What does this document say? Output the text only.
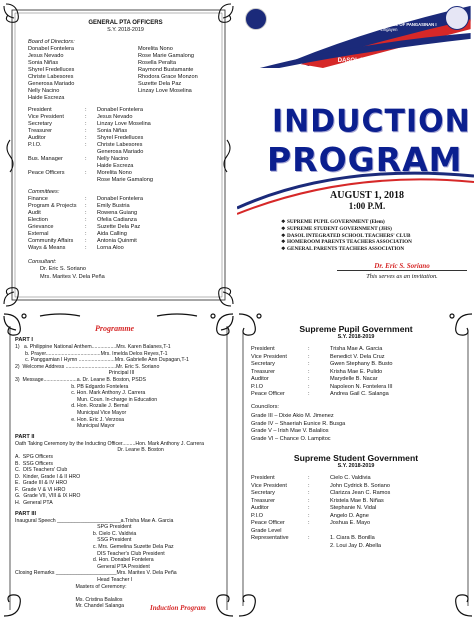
GENERAL PTA OFFICERS
S.Y. 2018-2019
Board of Directors:
Donabel Fontelera	Morelita Nono
Jesus Nevado	Rose Marie Gamalong
Sonia Niñas	Rosella Peralta
Shyrel Fredelluces	Raymond Bustamante
Christe Labesores	Rhodora Grace Monzon
Generosa Mariado	Suzette Dela Paz
Nelly Nacino	Linzay Love Moselina
Haide Escreza
President	:	Donabel Fontelera
Vice President	:	Jesus Nevado
Secretary	:	Linzay Love Moselina
Treasurer	:	Sonia Niñas
Auditor	:	Shyrel Fredelluces
P.I.O.	:	Christe Labesores
Generosa Mariado
Bus. Manager	:	Nelly Nacino
Haide Escreza
Peace Officers	:	Morelita Nono
Rose Marie Gamalong
Committees:
Finance	:	Donabel Fontelera
Program & Projects	:	Emily Bustria
Audit	:	Rowena Guiang
Election	:	Ofelia Cadianza
Grievance	:	Suzette Dela Paz
External	:	Aida Calling
Community Affairs	:	Antonia Quinmit
Ways & Means	:	Lorna Aloo
Consultant:
Dr. Eric S. Soriano
Mrs. Marites V. Dela Peña
Republic of the Philippines
Department of Education
Region I
SCHOOLS DIVISION OFFICE OF PANGASINAN I
Lingayen
DASOL INTEGRATED SCHOOL
INDUCTION
PROGRAM
AUGUST 1, 2018
1:00 P.M.
❖ SUPREME PUPIL GOVERNMENT (Elem)
❖ SUPREME STUDENT GOVERNMENT (JHS)
❖ DASOL INTEGRATED SCHOOL TEACHERS' CLUB
❖ HOMEROOM PARENTS TEACHERS ASSOCIATION
❖ GENERAL PARENTS TEACHERS ASSOCIATION
Dr. Eric S. Soriano
This serves as an invitation.
Programme
PART I
1)   a. Philippine National Anthem.................Mrs. Karen Balanes,T-1
b. Prayer......................................Mrs. Imelda Delos Reyes,T-1
c. Panggamian l Hymn .........................Mrs. Gabrielle Ann Dupagan,T-1
2)  Welcome Address ...................................Mr. Eric S. Soriano
Principal III
3)  Message.......................a. Dr. Leane B. Boston, PSDS
b. PB Edgardo Fontelera
c. Hon. Mark Anthony J. Carrera
Mun. Coun. In-charge in Education
d. Hon. Rozalie J. Bernal
Municipal Vice Mayor
e. Hon. Eric J. Verzosa
Municipal Mayor
PART II
Oath Taking Ceremony by the Inducting Officer.........Hon. Mark Anthony J. Carrera
Dr. Leane B. Boston
A.  SPG Officers
B.  SSG Officers
C.  DIS Teachers' Club
D.  Kinder, Grade I & II HRO
E.  Grade III & IV HRO
F.  Grade V & VI HRO
G.  Grade VII, VIII & IX HRO
H.  General PTA
PART III
Inaugural Speech ______________________a.Trisha Mae A. Garcia
SPG President
b. Cielo C. Valdivia
SSG President
c. Mrs. Gemelina Suzette Dela Paz
DIS Teacher's Club President
d. Hon. Donabel Fontelera
General PTA President
Closing Remarks _____________________Mrs. Marites V. Dela Peña
Head Teacher I
Masters of Ceremony:
Ms. Cristina Balalios
Mr. Chandel Salanga	Induction Program
Supreme Pupil Government
S.Y. 2018-2019
President	:	Trisha Mae A. Garcia
Vice President	:	Benedict V. Dela Cruz
Secretary	:	Gwen Stephany B. Busto
Treasurer	:	Krisha Mae E. Pulido
Auditor	:	Marydelle B. Nacar
P.I.O	:	Napoleon N. Fontelera III
Peace Officer	:	Andrea Gail C. Salanga
Councilors:
Grade III – Dixie Akio M. Jimenez
Grade IV – Shaeriah Eunice R. Busga
Grade V – Irish Mae V. Balalios
Grade VI – Chance O. Lampitoc
Supreme Student Government
S.Y. 2018-2019
President	:	Cielo C. Valdivia
Vice President	:	John Cydrick B. Soriano
Secretary	:	Clarizza Jean C. Ramos
Treasurer	:	Kristela Mae B. Niñas
Auditor	:	Stephanie N. Vidal
P.I.O	:	Angelo D. Agne
Peace Officer	:	Joshua E. Mayo
Grade Level
Representative	:	1. Ciara B. Bonilla
2. Loui Jay D. Abella
